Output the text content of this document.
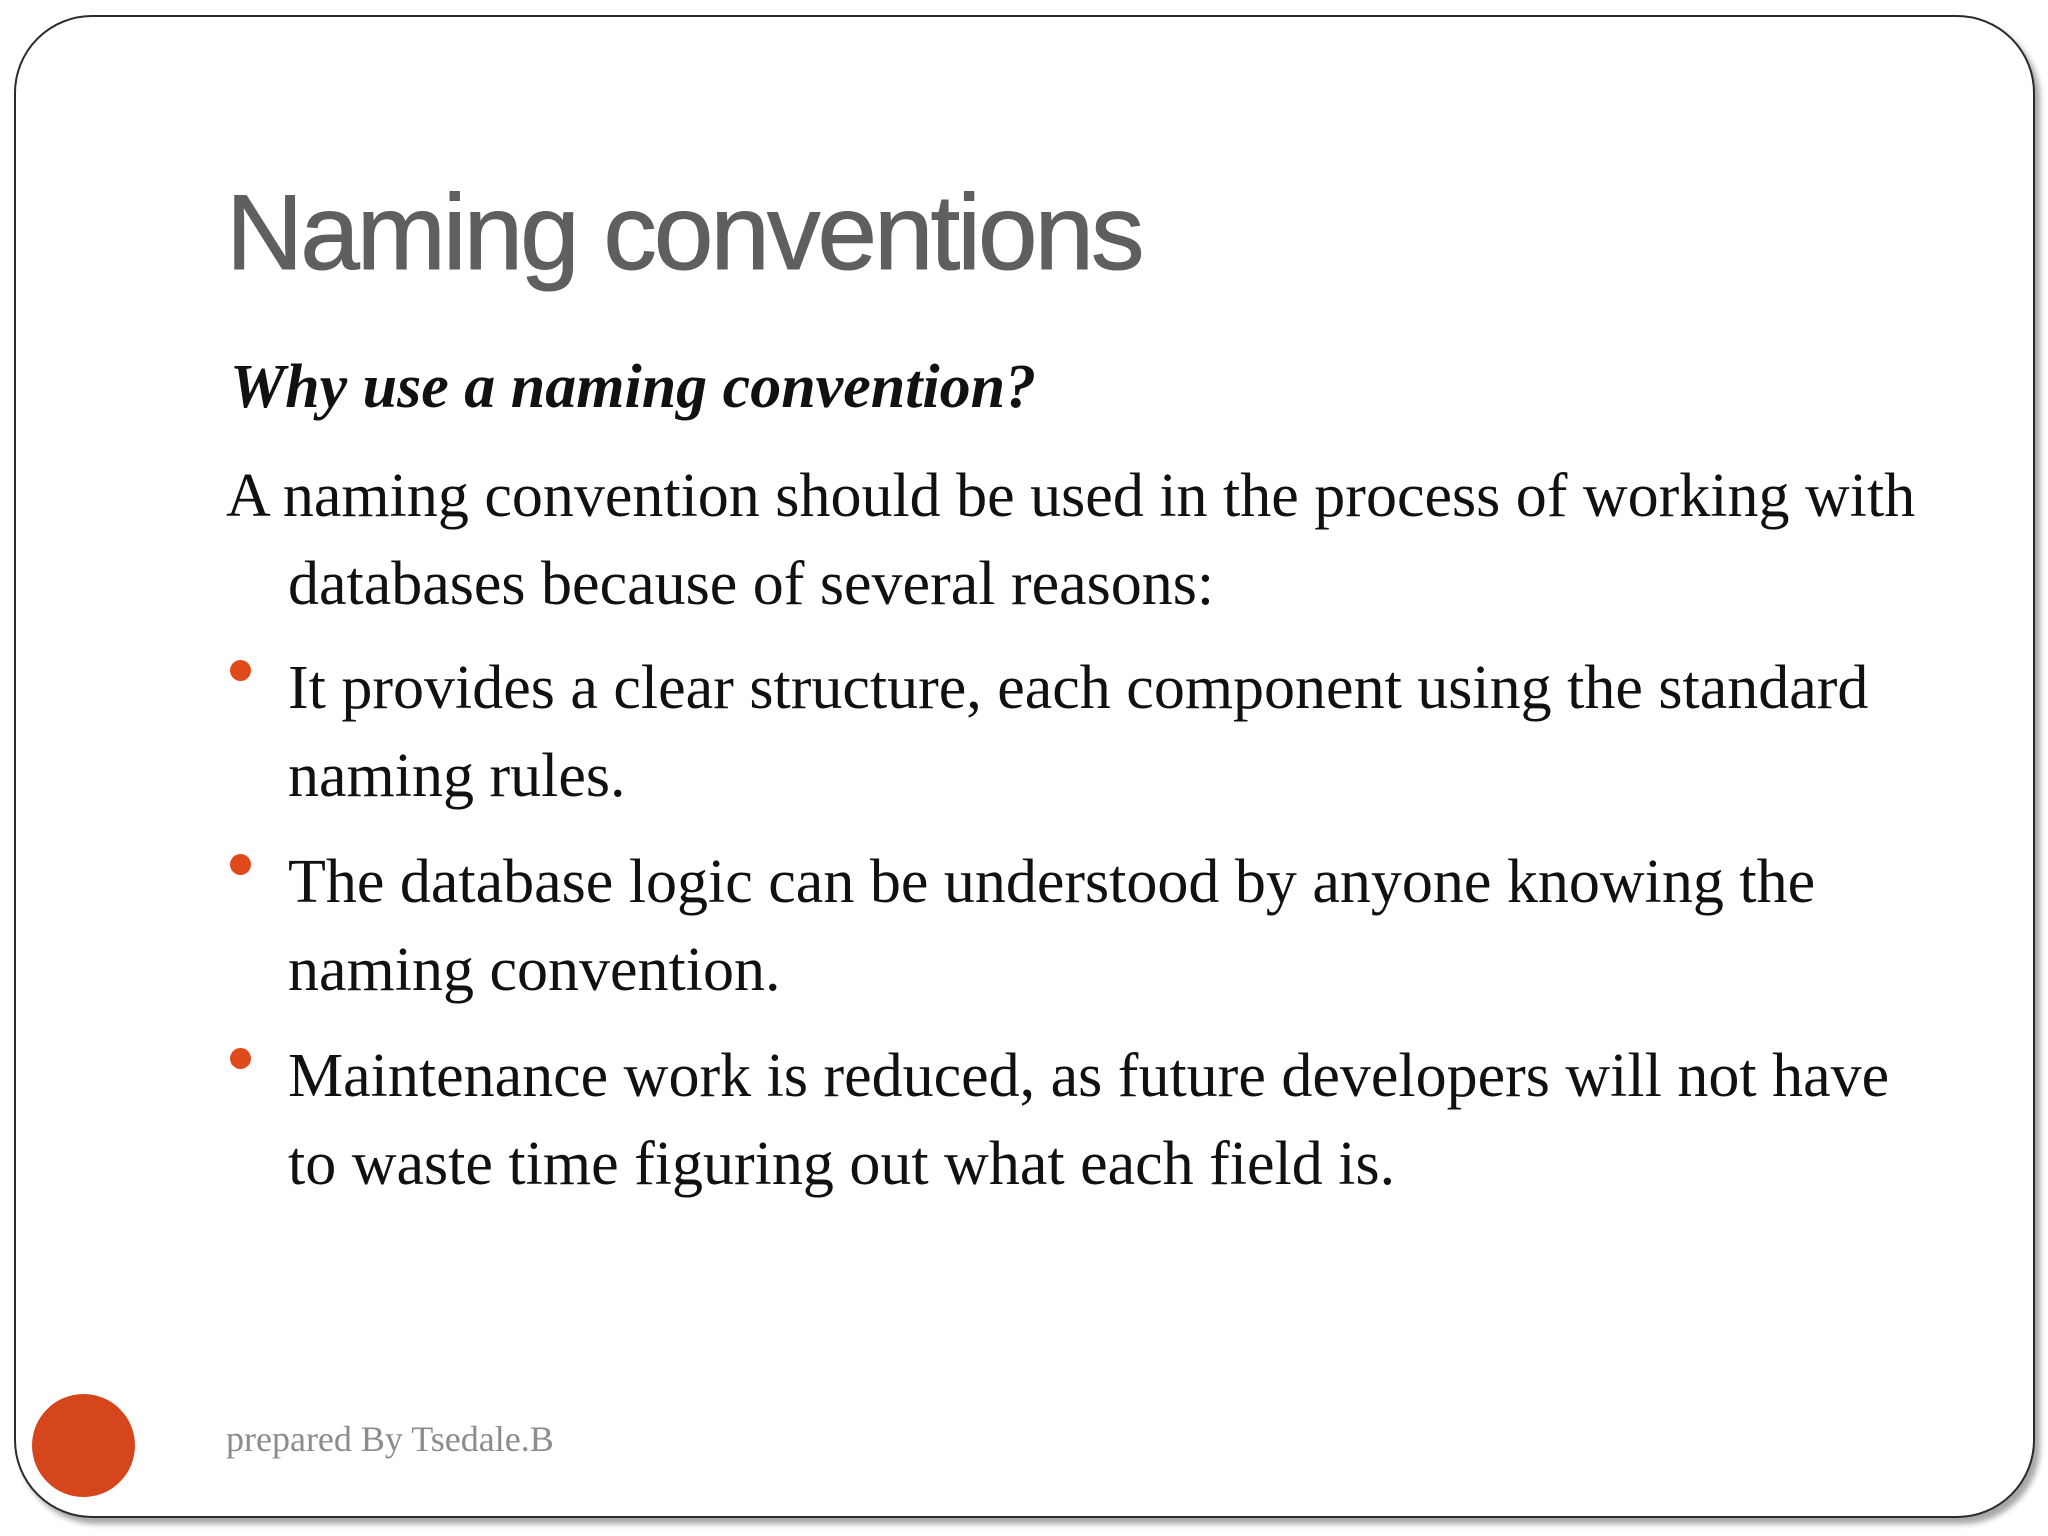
Naming conventions

Why use a naming convention?

A naming convention should be used in the process of working with databases because of several reasons:

It provides a clear structure, each component using the standard naming rules.
The database logic can be understood by anyone knowing the naming convention.
Maintenance work is reduced, as future developers will not have to waste time figuring out what each field is.

prepared By Tsedale.B
